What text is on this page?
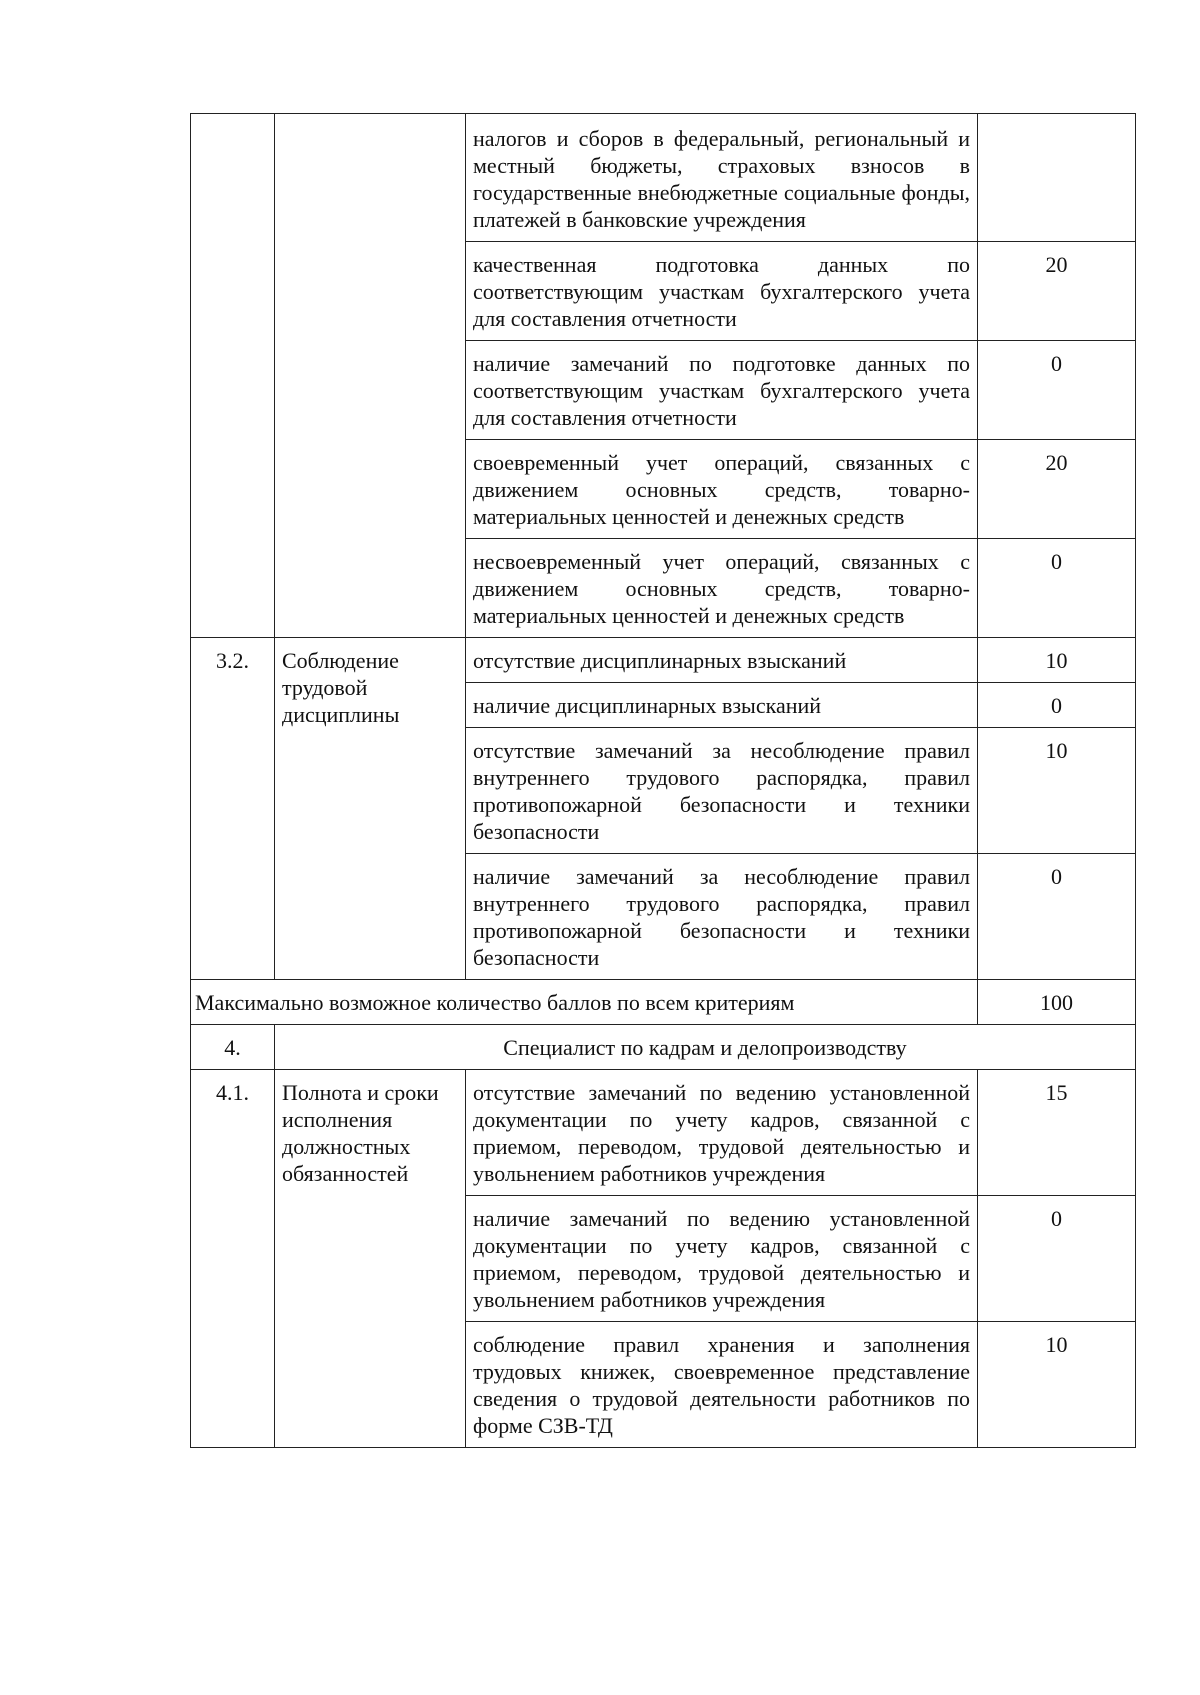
		налогов и сборов в федеральный, региональный и местный бюджеты, страховых взносов в государственные внебюджетные социальные фонды, платежей в банковские учреждения	
		качественная подготовка данных по соответствующим участкам бухгалтерского учета для составления отчетности	20
		наличие замечаний по подготовке данных по соответствующим участкам бухгалтерского учета для составления отчетности	0
		своевременный учет операций, связанных с движением основных средств, товарно-материальных ценностей и денежных средств	20
		несвоевременный учет операций, связанных с движением основных средств, товарно-материальных ценностей и денежных средств	0
3.2.	Соблюдение трудовой дисциплины	отсутствие дисциплинарных взысканий	10
		наличие дисциплинарных взысканий	0
		отсутствие замечаний за несоблюдение правил внутреннего трудового распорядка, правил противопожарной безопасности и техники безопасности	10
		наличие замечаний за несоблюдение правил внутреннего трудового распорядка, правил противопожарной безопасности и техники безопасности	0
Максимально возможное количество баллов по всем критериям			100
4.	Специалист по кадрам и делопроизводству		
4.1.	Полнота и сроки исполнения должностных обязанностей	отсутствие замечаний по ведению установленной документации по учету кадров, связанной с приемом, переводом, трудовой деятельностью и увольнением работников учреждения	15
		наличие замечаний по ведению установленной документации по учету кадров, связанной с приемом, переводом, трудовой деятельностью и увольнением работников учреждения	0
		соблюдение правил хранения и заполнения трудовых книжек, своевременное представление сведения о трудовой деятельности работников по форме СЗВ-ТД	10
